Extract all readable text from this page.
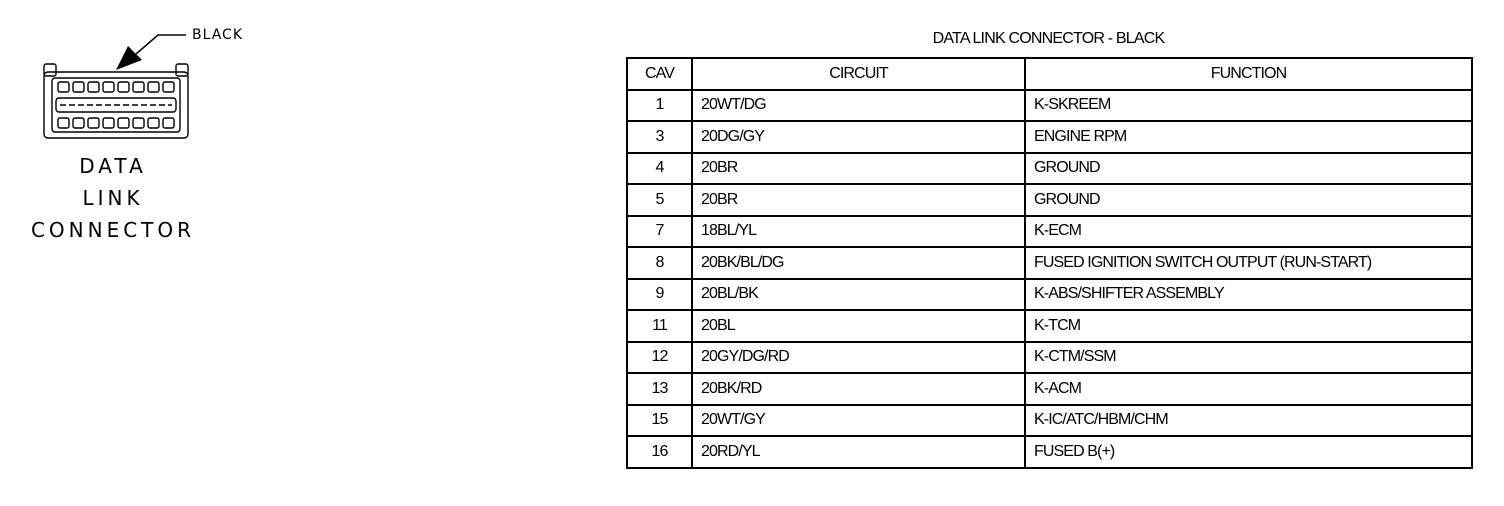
BLACK
DATA
LINK
CONNECTOR
DATA LINK CONNECTOR - BLACK
CAV	CIRCUIT	FUNCTION
1	20WT/DG	K-SKREEM
3	20DG/GY	ENGINE RPM
4	20BR	GROUND
5	20BR	GROUND
7	18BL/YL	K-ECM
8	20BK/BL/DG	FUSED IGNITION SWITCH OUTPUT (RUN-START)
9	20BL/BK	K-ABS/SHIFTER ASSEMBLY
11	20BL	K-TCM
12	20GY/DG/RD	K-CTM/SSM
13	20BK/RD	K-ACM
15	20WT/GY	K-IC/ATC/HBM/CHM
16	20RD/YL	FUSED B(+)
